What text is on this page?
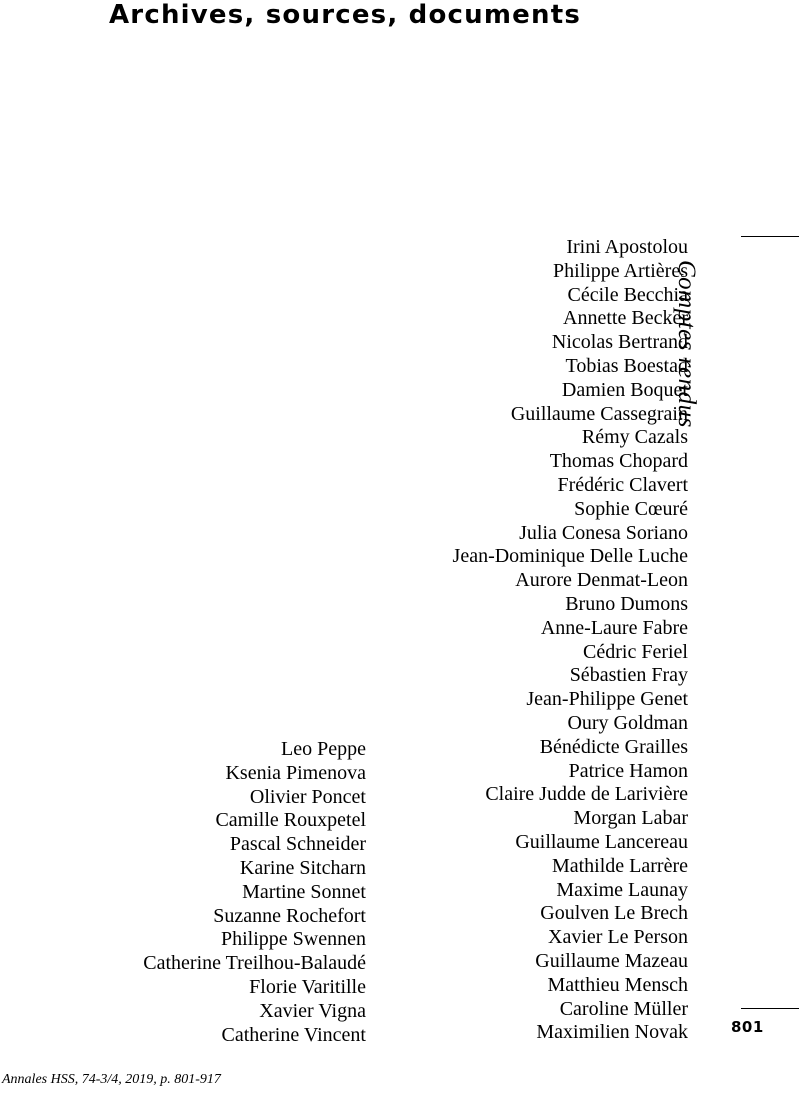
Archives, sources, documents
Comptes rendus
801
Irini Apostolou
Philippe Artières
Cécile Becchia
Annette Becker
Nicolas Bertrand
Tobias Boestad
Damien Boquet
Guillaume Cassegrain
Rémy Cazals
Thomas Chopard
Frédéric Clavert
Sophie Cœuré
Julia Conesa Soriano
Jean-Dominique Delle Luche
Aurore Denmat-Leon
Bruno Dumons
Anne-Laure Fabre
Cédric Feriel
Sébastien Fray
Jean-Philippe Genet
Oury Goldman
Bénédicte Grailles
Patrice Hamon
Claire Judde de Larivière
Morgan Labar
Guillaume Lancereau
Mathilde Larrère
Maxime Launay
Goulven Le Brech
Xavier Le Person
Guillaume Mazeau
Matthieu Mensch
Caroline Müller
Maximilien Novak
Leo Peppe
Ksenia Pimenova
Olivier Poncet
Camille Rouxpetel
Pascal Schneider
Karine Sitcharn
Martine Sonnet
Suzanne Rochefort
Philippe Swennen
Catherine Treilhou-Balaudé
Florie Varitille
Xavier Vigna
Catherine Vincent
Annales HSS, 74-3/4, 2019, p. 801-917
